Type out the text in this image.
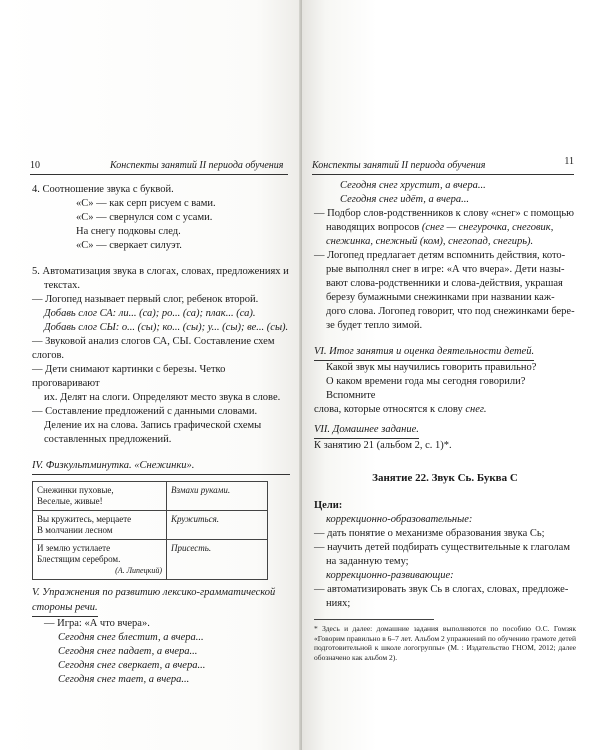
10	Конспекты занятий II периода обучения

4. Соотношение звука с буквой.

«С» — как серп рисуем с вами.

«С» — свернулся сом с усами.

На снегу подковы след.

«С» — сверкает силуэт.

5. Автоматизация звука в слогах, словах, предложениях и

текстах.

— Логопед называет первый слог, ребенок второй.

Добавь слог СА: ли... (са); ро... (са); плак... (са).

Добавь слог СЫ: о... (сы); ко... (сы); у... (сы); ве... (сы).

— Звуковой анализ слогов СА, СЫ. Составление схем слогов.

— Дети снимают картинки с березы. Четко проговаривают

их. Делят на слоги. Определяют место звука в слове.

— Составление предложений с данными словами.

Деление их на слова. Запись графической схемы

составленных предложений.

IV. Физкультминутка. «Снежинки».

Снежинки пуховые,
Веселые, живые!	Взмахи руками.

Вы кружитесь, мерцаете
В молчании лесном	Кружиться.

И землю устилаете
Блестящим серебром.
(А. Липецкий)	Присесть.

V. Упражнения по развитию лексико-грамматической

стороны речи.

— Игра: «А что вчера».

Сегодня снег блестит, а вчера...

Сегодня снег падает, а вчера...

Сегодня снег сверкает, а вчера...

Сегодня снег тает, а вчера...

Конспекты занятий II периода обучения	11

Сегодня снег хрустит, а вчера...

Сегодня снег идёт, а вчера...

— Подбор слов-родственников к слову «снег» с помощью

наводящих вопросов (снег — снегурочка, снеговик,

снежинка, снежный (ком), снегопад, снегирь).

— Логопед предлагает детям вспомнить действия, кото-

рые выполнял снег в игре: «А что вчера». Дети назы-

вают слова-родственники и слова-действия, украшая

березу бумажными снежинками при названии каж-

дого слова. Логопед говорит, что под снежинками бере-

зе будет тепло зимой.

VI. Итог занятия и оценка деятельности детей.

Какой звук мы научились говорить правильно?

О каком времени года мы сегодня говорили? Вспомните

слова, которые относятся к слову снег.

VII. Домашнее задание.

К занятию 21 (альбом 2, с. 1)*.

Занятие 22. Звук Сь. Буква С

Цели:

коррекционно-образовательные:

— дать понятие о механизме образования звука Сь;

— научить детей подбирать существительные к глаголам

на заданную тему;

коррекционно-развивающие:

— автоматизировать звук Сь в слогах, словах, предложе-

ниях;

* Здесь и далее: домашние задания выполняются по пособию О.С. Гомзяк «Говорим правильно в 6–7 лет. Альбом 2 упражнений по обучению грамоте детей подготовительной к школе логогруппы» (М. : Издательство ГНОМ, 2012; далее обозначено как альбом 2).
